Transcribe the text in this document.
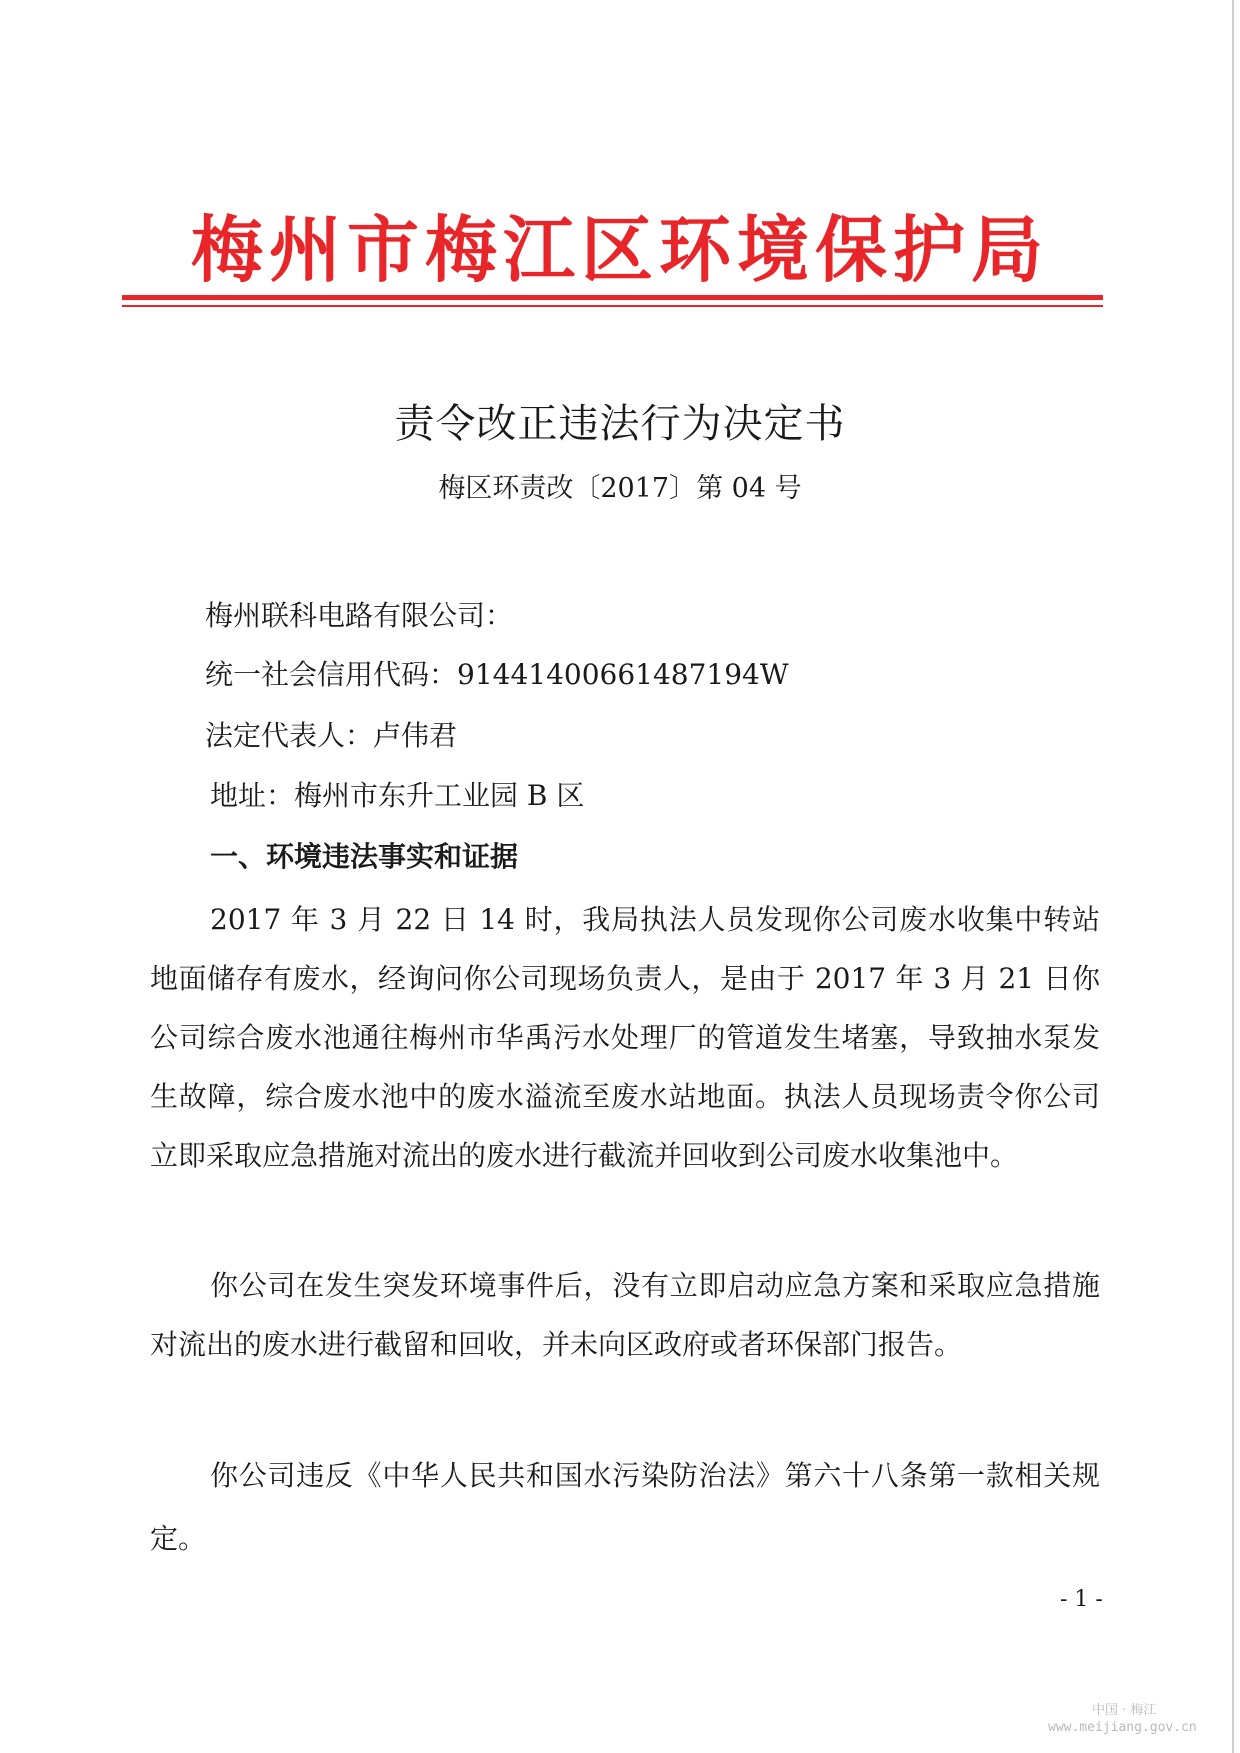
梅州市梅江区环境保护局
责令改正违法行为决定书
梅区环责改〔2017〕第 04 号
梅州联科电路有限公司：
统一社会信用代码：91441400661487194W
法定代表人：卢伟君
地址：梅州市东升工业园 B 区
一、环境违法事实和证据

2017 年 3 月 22 日 14 时，我局执法人员发现你公司废水收集中转站地面储存有废水，经询问你公司现场负责人，是由于 2017 年 3 月 21 日你公司综合废水池通往梅州市华禹污水处理厂的管道发生堵塞，导致抽水泵发生故障，综合废水池中的废水溢流至废水站地面。执法人员现场责令你公司立即采取应急措施对流出的废水进行截流并回收到公司废水收集池中。

你公司在发生突发环境事件后，没有立即启动应急方案和采取应急措施对流出的废水进行截留和回收，并未向区政府或者环保部门报告。

你公司违反《中华人民共和国水污染防治法》第六十八条第一款相关规定。

- 1 -
中国 · 梅江
www.meijiang.gov.cn
